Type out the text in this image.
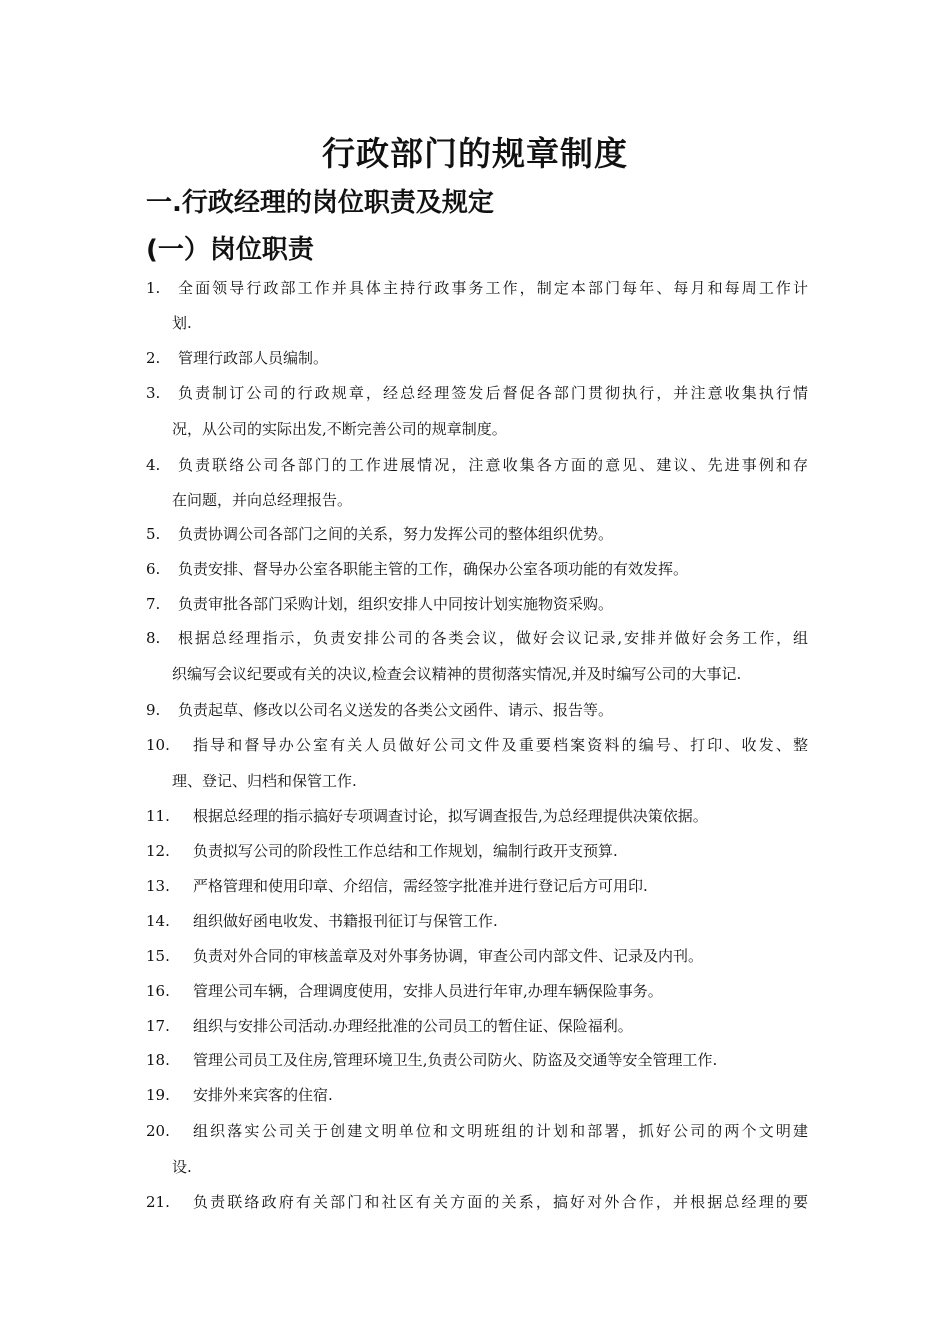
行政部门的规章制度
一.行政经理的岗位职责及规定
(一）岗位职责
1. 全面领导行政部工作并具体主持行政事务工作，制定本部门每年、每月和每周工作计
划.
2. 管理行政部人员编制。
3. 负责制订公司的行政规章，经总经理签发后督促各部门贯彻执行，并注意收集执行情
况，从公司的实际出发,不断完善公司的规章制度。
4. 负责联络公司各部门的工作进展情况，注意收集各方面的意见、建议、先进事例和存
在问题，并向总经理报告。
5. 负责协调公司各部门之间的关系，努力发挥公司的整体组织优势。
6. 负责安排、督导办公室各职能主管的工作，确保办公室各项功能的有效发挥。
7. 负责审批各部门采购计划，组织安排人中同按计划实施物资采购。
8. 根据总经理指示，负责安排公司的各类会议，做好会议记录,安排并做好会务工作，组
织编写会议纪要或有关的决议,检查会议精神的贯彻落实情况,并及时编写公司的大事记.
9. 负责起草、修改以公司名义送发的各类公文函件、请示、报告等。
10. 指导和督导办公室有关人员做好公司文件及重要档案资料的编号、打印、收发、整
理、登记、归档和保管工作.
11. 根据总经理的指示搞好专项调查讨论，拟写调查报告,为总经理提供决策依据。
12. 负责拟写公司的阶段性工作总结和工作规划，编制行政开支预算.
13. 严格管理和使用印章、介绍信，需经签字批准并进行登记后方可用印.
14. 组织做好函电收发、书籍报刊征订与保管工作.
15. 负责对外合同的审核盖章及对外事务协调，审查公司内部文件、记录及内刊。
16. 管理公司车辆，合理调度使用，安排人员进行年审,办理车辆保险事务。
17. 组织与安排公司活动.办理经批准的公司员工的暂住证、保险福利。
18. 管理公司员工及住房,管理环境卫生,负责公司防火、防盗及交通等安全管理工作.
19. 安排外来宾客的住宿.
20. 组织落实公司关于创建文明单位和文明班组的计划和部署，抓好公司的两个文明建
设.
21. 负责联络政府有关部门和社区有关方面的关系，搞好对外合作，并根据总经理的要
